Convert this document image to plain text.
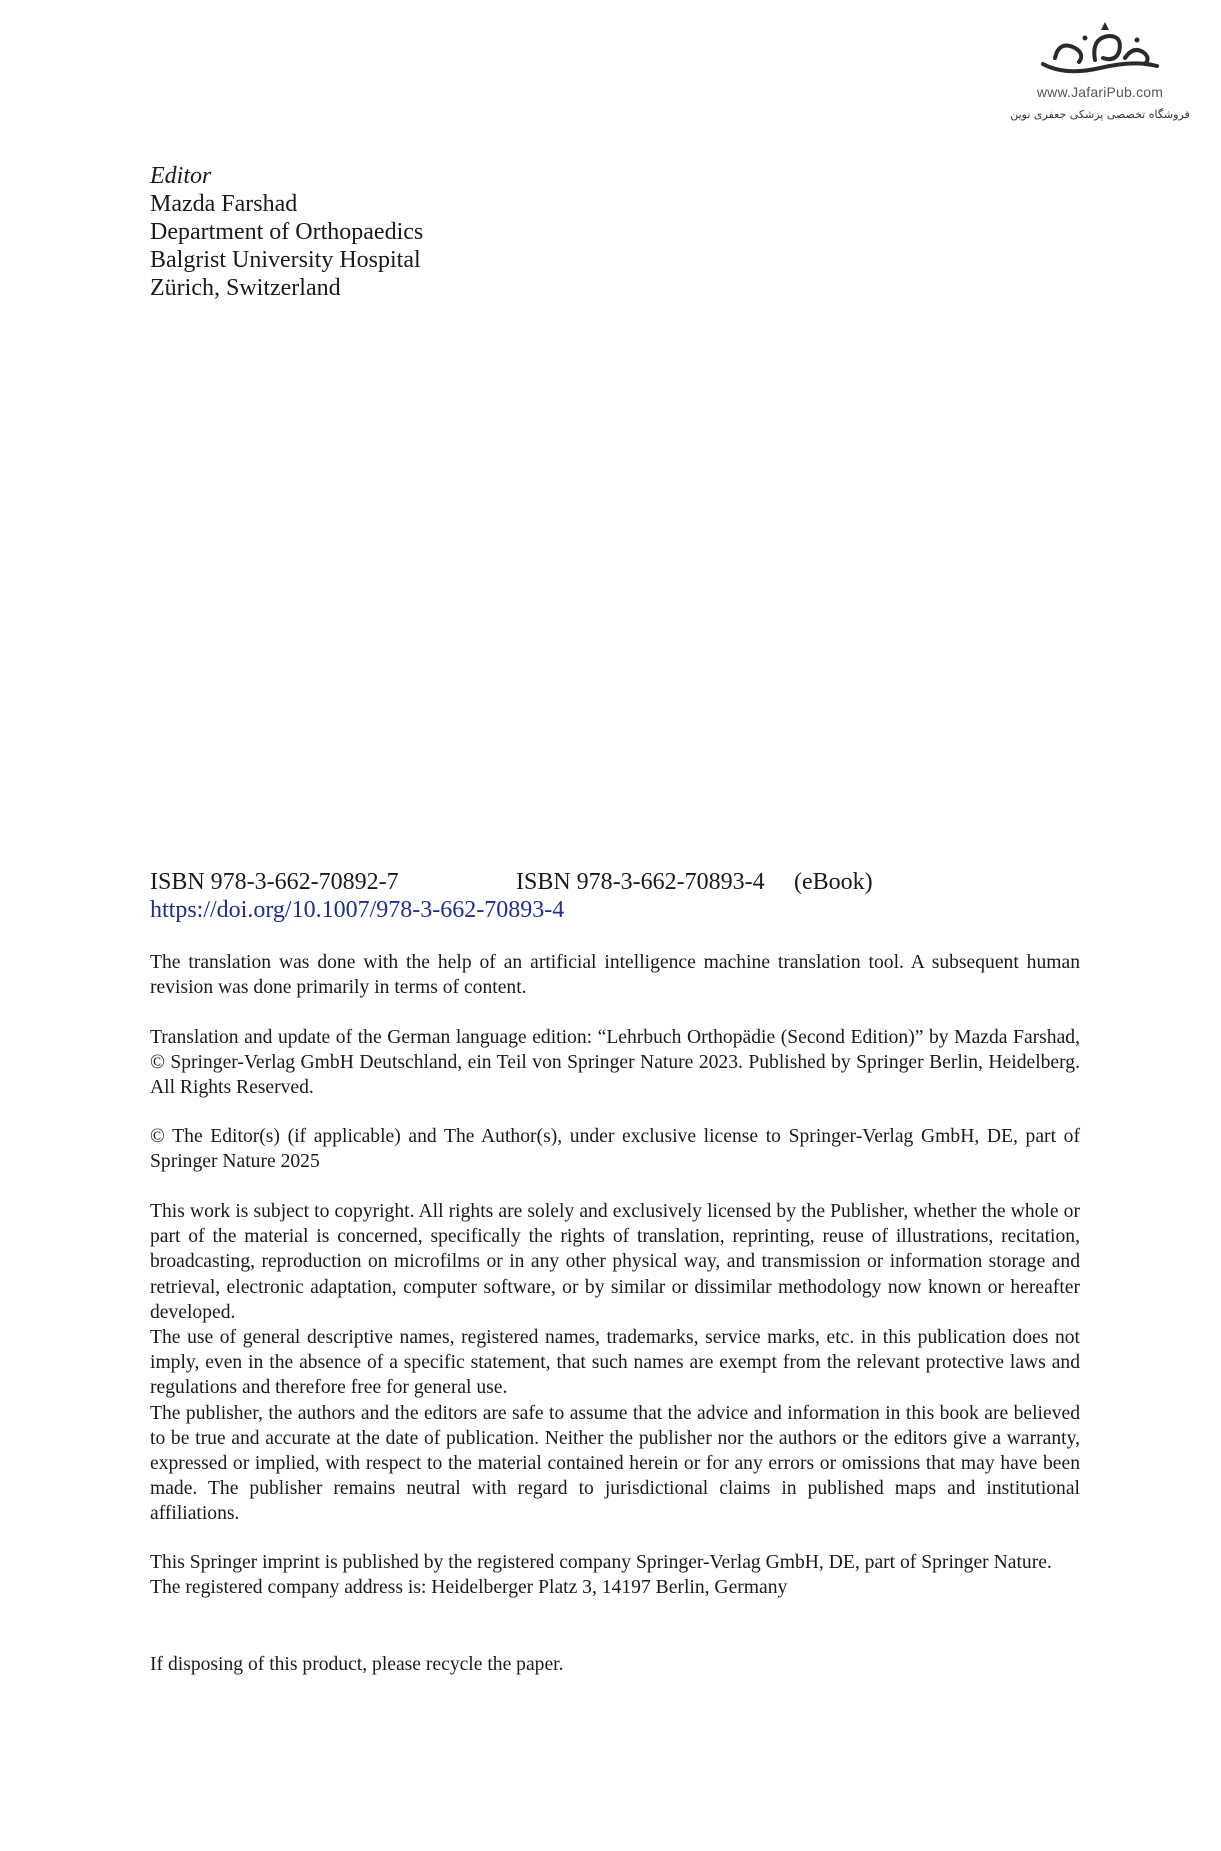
www.JafariPub.com
فروشگاه تخصصی پزشکی جعفری نوین
Editor
Mazda Farshad
Department of Orthopaedics
Balgrist University Hospital
Zürich, Switzerland
ISBN 978-3-662-70892-7	ISBN 978-3-662-70893-4 (eBook)
https://doi.org/10.1007/978-3-662-70893-4

The translation was done with the help of an artificial intelligence machine translation tool. A subsequent human revision was done primarily in terms of content.

Translation and update of the German language edition: “Lehrbuch Orthopädie (Second Edition)” by Mazda Farshad, © Springer-Verlag GmbH Deutschland, ein Teil von Springer Nature 2023. Published by Springer Berlin, Heidelberg. All Rights Reserved.

© The Editor(s) (if applicable) and The Author(s), under exclusive license to Springer-Verlag GmbH, DE, part of Springer Nature 2025

This work is subject to copyright. All rights are solely and exclusively licensed by the Publisher, whether the whole or part of the material is concerned, specifically the rights of translation, reprinting, reuse of illustrations, recitation, broadcasting, reproduction on microfilms or in any other physical way, and transmission or information storage and retrieval, electronic adaptation, computer software, or by similar or dissimilar methodology now known or hereafter developed.

The use of general descriptive names, registered names, trademarks, service marks, etc. in this publication does not imply, even in the absence of a specific statement, that such names are exempt from the relevant protective laws and regulations and therefore free for general use.

The publisher, the authors and the editors are safe to assume that the advice and information in this book are believed to be true and accurate at the date of publication. Neither the publisher nor the authors or the editors give a warranty, expressed or implied, with respect to the material contained herein or for any errors or omissions that may have been made. The publisher remains neutral with regard to jurisdictional claims in published maps and institutional affiliations.

This Springer imprint is published by the registered company Springer-Verlag GmbH, DE, part of Springer Nature.

The registered company address is: Heidelberger Platz 3, 14197 Berlin, Germany

If disposing of this product, please recycle the paper.
